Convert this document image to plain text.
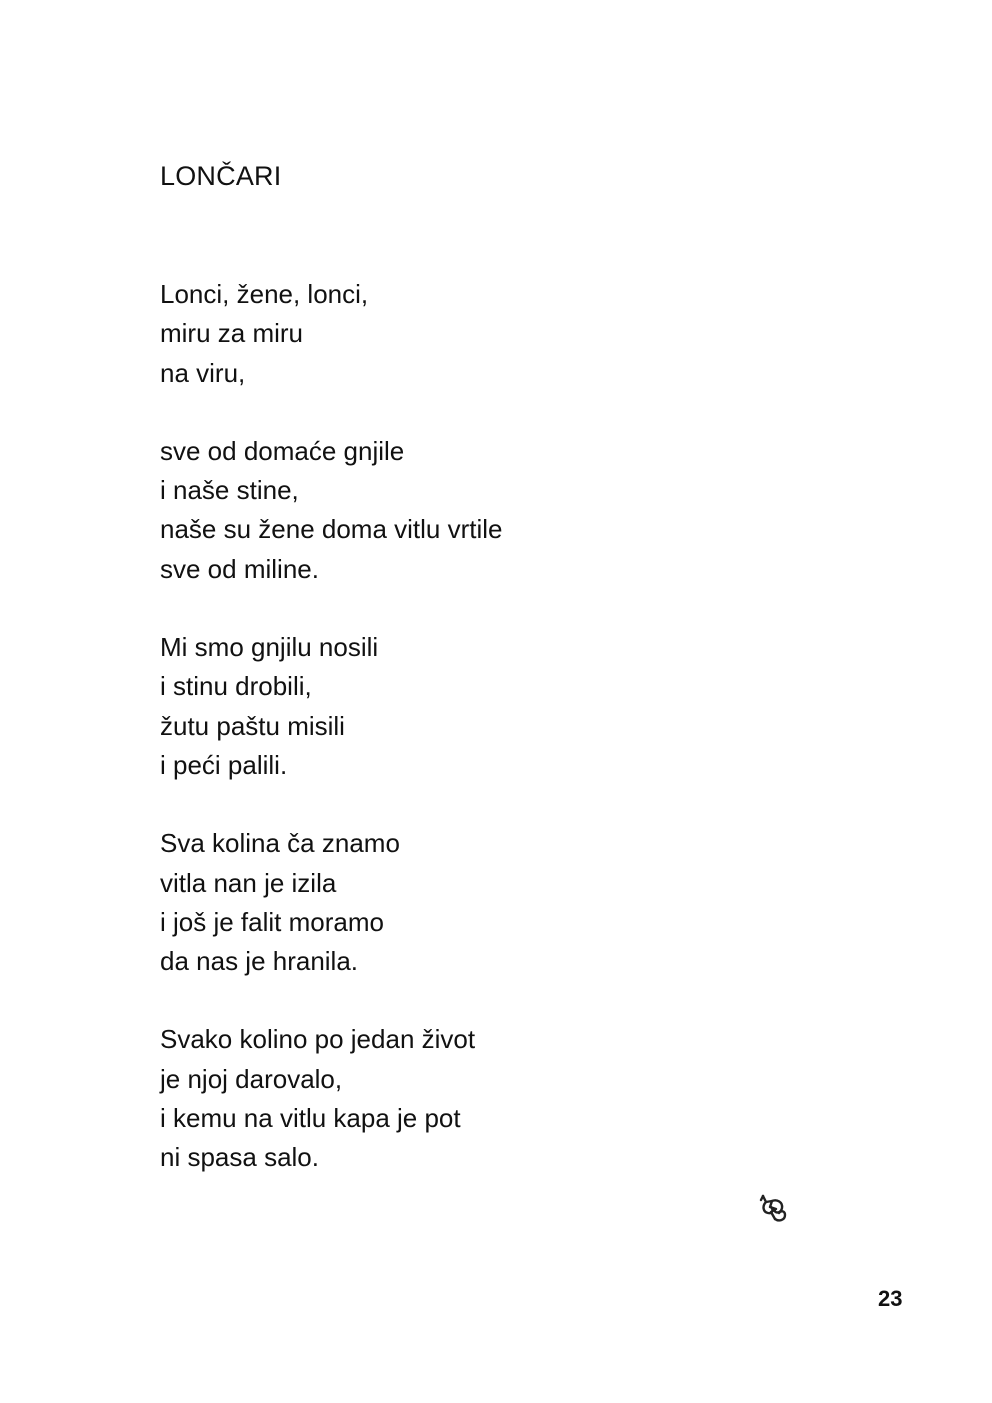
LONČARI
Lonci, žene, lonci,
miru za miru
na viru,
sve od domaće gnjile
i naše stine,
naše su žene doma vitlu vrtile
sve od miline.
Mi smo gnjilu nosili
i stinu drobili,
žutu paštu misili
i peći palili.
Sva kolina ča znamo
vitla nan je izila
i još je falit moramo
da nas je hranila.
Svako kolino po jedan život
je njoj darovalo,
i kemu na vitlu kapa je pot
ni spasa salo.
23
